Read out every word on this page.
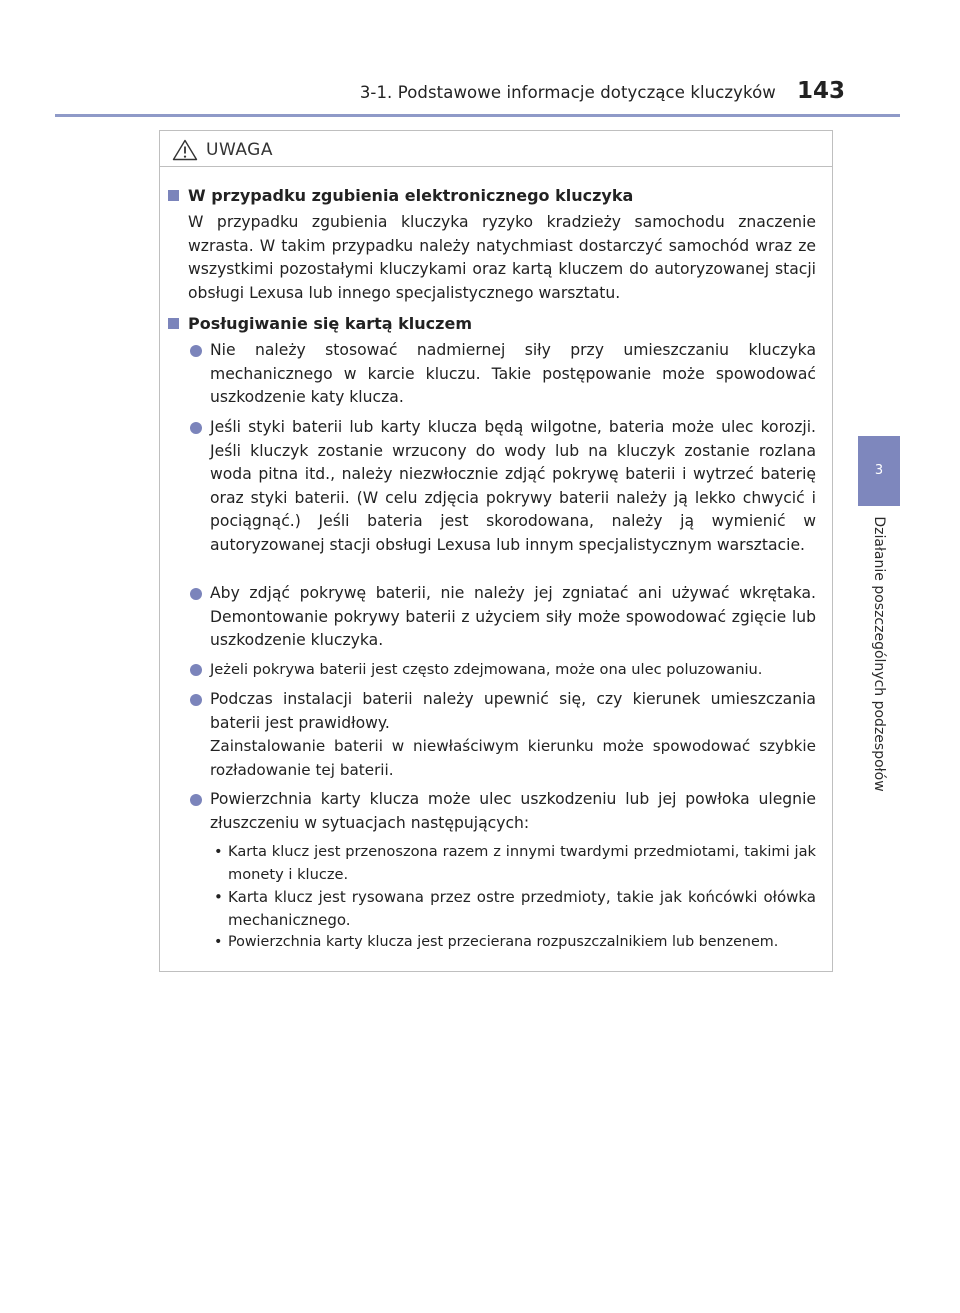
3-1. Podstawowe informacje dotyczące kluczyków 143
3
Działanie poszczególnych podzespołów
UWAGA
W przypadku zgubienia elektronicznego kluczyka
W przypadku zgubienia kluczyka ryzyko kradzieży samochodu znaczenie wzrasta. W takim przypadku należy natychmiast dostarczyć samochód wraz ze wszystkimi pozostałymi kluczykami oraz kartą kluczem do autoryzowanej stacji obsługi Lexusa lub innego specjalistycznego warsztatu.
Posługiwanie się kartą kluczem
Nie należy stosować nadmiernej siły przy umieszczaniu kluczyka mechanicznego w karcie kluczu. Takie postępowanie może spowodować uszkodzenie katy klucza.
Jeśli styki baterii lub karty klucza będą wilgotne, bateria może ulec korozji. Jeśli kluczyk zostanie wrzucony do wody lub na kluczyk zostanie rozlana woda pitna itd., należy niezwłocznie zdjąć pokrywę baterii i wytrzeć baterię oraz styki baterii. (W celu zdjęcia pokrywy baterii należy ją lekko chwycić i pociągnąć.) Jeśli bateria jest skorodowana, należy ją wymienić w autoryzowanej stacji obsługi Lexusa lub innym specjalistycznym warsztacie.
Aby zdjąć pokrywę baterii, nie należy jej zgniatać ani używać wkrętaka. Demontowanie pokrywy baterii z użyciem siły może spowodować zgięcie lub uszkodzenie kluczyka.
Jeżeli pokrywa baterii jest często zdejmowana, może ona ulec poluzowaniu.
Podczas instalacji baterii należy upewnić się, czy kierunek umieszczania baterii jest prawidłowy.
Zainstalowanie baterii w niewłaściwym kierunku może spowodować szybkie rozładowanie tej baterii.
Powierzchnia karty klucza może ulec uszkodzeniu lub jej powłoka ulegnie złuszczeniu w sytuacjach następujących:
• Karta klucz jest przenoszona razem z innymi twardymi przedmiotami, takimi jak monety i klucze.
• Karta klucz jest rysowana przez ostre przedmioty, takie jak końcówki ołówka mechanicznego.
• Powierzchnia karty klucza jest przecierana rozpuszczalnikiem lub benzenem.
